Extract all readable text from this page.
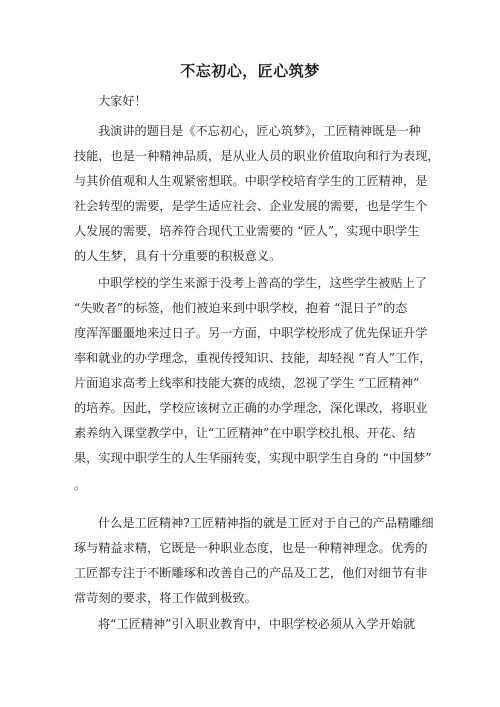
不忘初心，匠心筑梦
大家好！
我演讲的题目是《不忘初心，匠心筑梦》，工匠精神既是一种
技能，也是一种精神品质，是从业人员的职业价值取向和行为表现，
与其价值观和人生观紧密想联。中职学校培育学生的工匠精神，是
社会转型的需要，是学生适应社会、企业发展的需要，也是学生个
人发展的需要，培养符合现代工业需要的 “匠人”，实现中职学生
的人生梦，具有十分重要的积极意义。
中职学校的学生来源于没考上普高的学生，这些学生被贴上了
“失败者”的标签，他们被迫来到中职学校，抱着 “混日子”的态
度浑浑噩噩地来过日子。另一方面，中职学校形成了优先保证升学
率和就业的办学理念，重视传授知识、技能，却轻视 “育人”工作，
片面追求高考上线率和技能大赛的成绩，忽视了学生 “工匠精神”
的培养。因此，学校应该树立正确的办学理念，深化课改，将职业
素养纳入课堂教学中，让“工匠精神”在中职学校扎根、开花、结
果，实现中职学生的人生华丽转变，实现中职学生自身的 “中国梦”
。
什么是工匠精神?工匠精神指的就是工匠对于自己的产品精雕细
琢与精益求精，它既是一种职业态度，也是一种精神理念。优秀的
工匠都专注于不断雕琢和改善自己的产品及工艺，他们对细节有非
常苛刻的要求，将工作做到极致。
将“工匠精神”引入职业教育中，中职学校必须从入学开始就
